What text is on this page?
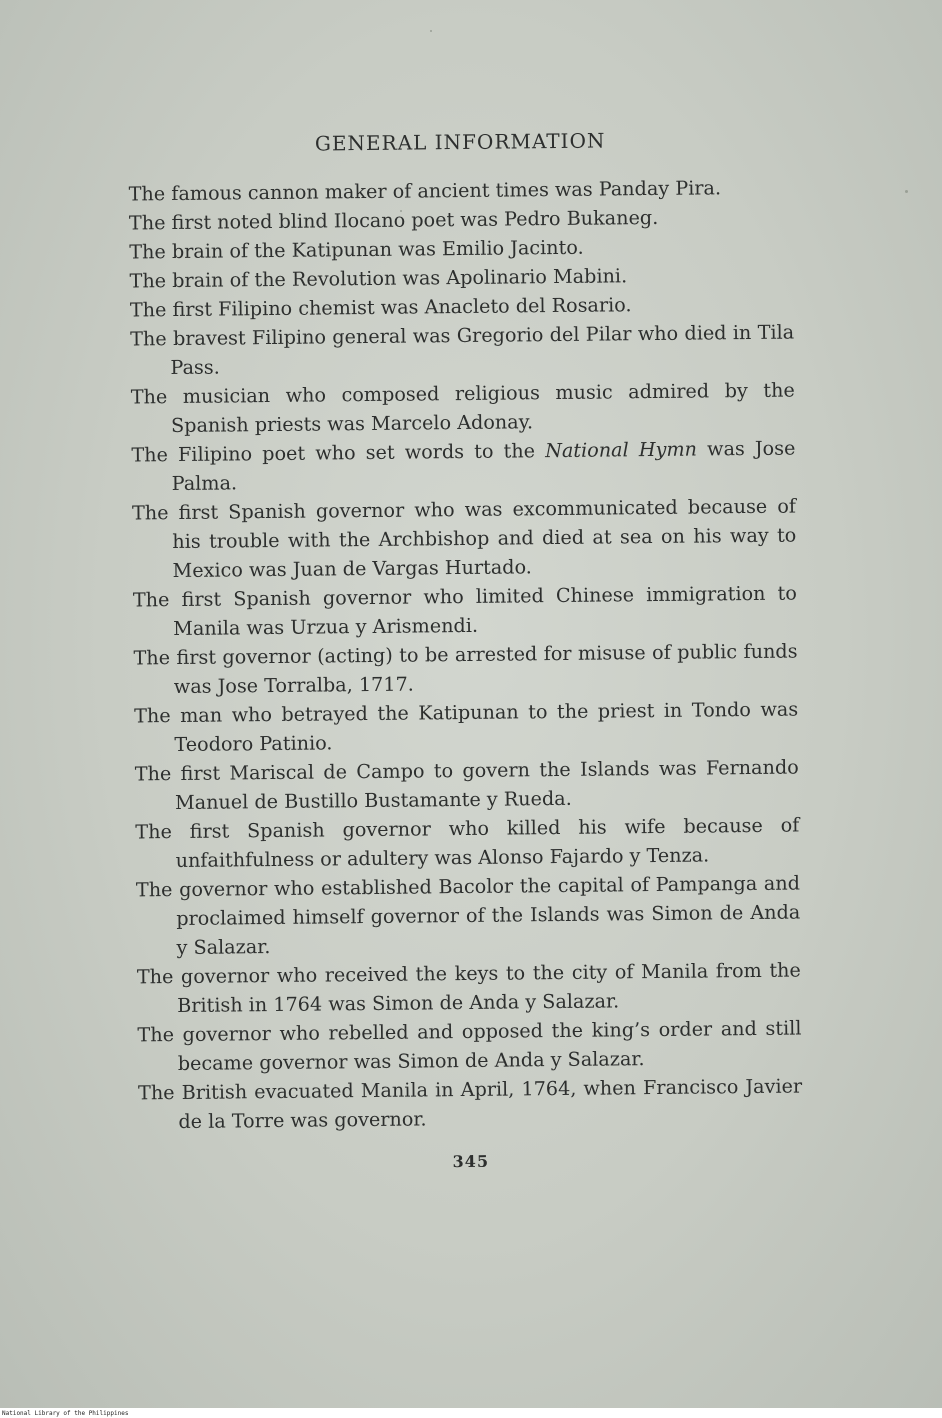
GENERAL INFORMATION
The famous cannon maker of ancient times was Panday Pira.
The first noted blind Ilocano poet was Pedro Bukaneg.
The brain of the Katipunan was Emilio Jacinto.
The brain of the Revolution was Apolinario Mabini.
The first Filipino chemist was Anacleto del Rosario.
The bravest Filipino general was Gregorio del Pilar who died in Tila Pass.
The musician who composed religious music admired by the Spanish priests was Marcelo Adonay.
The Filipino poet who set words to the National Hymn was Jose Palma.
The first Spanish governor who was excommunicated because of his trouble with the Archbishop and died at sea on his way to Mexico was Juan de Vargas Hurtado.
The first Spanish governor who limited Chinese immigration to Manila was Urzua y Arismendi.
The first governor (acting) to be arrested for misuse of public funds was Jose Torralba, 1717.
The man who betrayed the Katipunan to the priest in Tondo was Teodoro Patinio.
The first Mariscal de Campo to govern the Islands was Fernando Manuel de Bustillo Bustamante y Rueda.
The first Spanish governor who killed his wife because of unfaithfulness or adultery was Alonso Fajardo y Tenza.
The governor who established Bacolor the capital of Pampanga and proclaimed himself governor of the Islands was Simon de Anda y Salazar.
The governor who received the keys to the city of Manila from the British in 1764 was Simon de Anda y Salazar.
The governor who rebelled and opposed the king’s order and still became governor was Simon de Anda y Salazar.
The British evacuated Manila in April, 1764, when Francisco Javier de la Torre was governor.
345
National Library of the Philippines
